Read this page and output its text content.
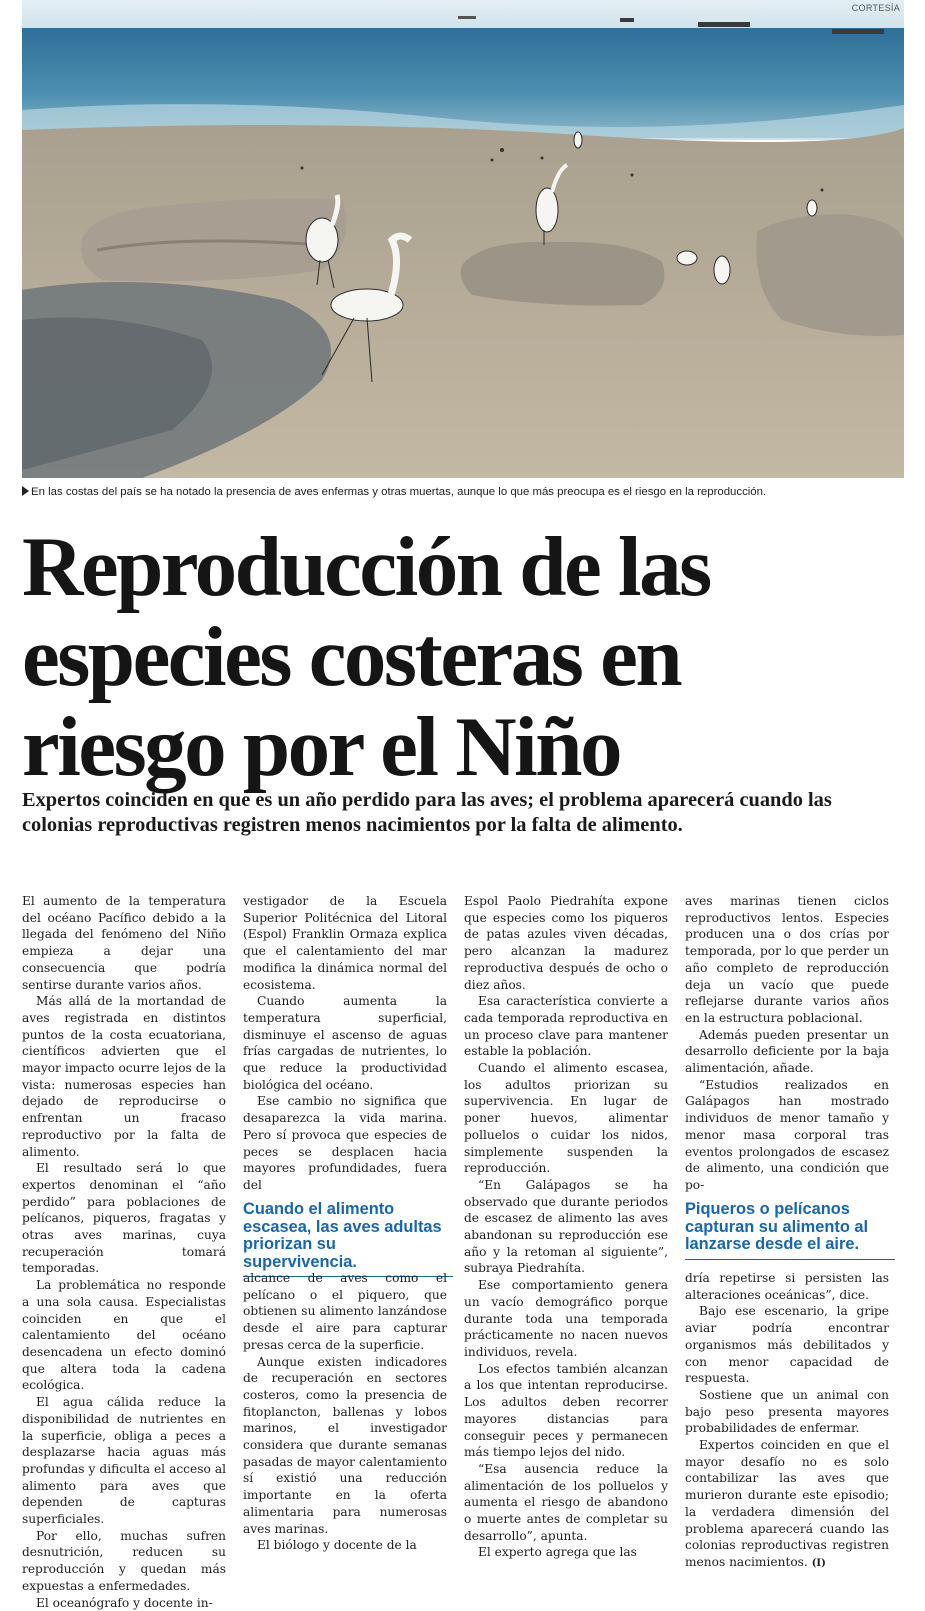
CORTESÍA
En las costas del país se ha notado la presencia de aves enfermas y otras muertas, aunque lo que más preocupa es el riesgo en la reproducción.
Reproducción de las
especies costeras en
riesgo por el Niño

Expertos coinciden en que es un año perdido para las aves; el problema aparecerá cuando las colonias reproductivas registren menos nacimientos por la falta de alimento.

El aumento de la temperatura del océano Pacífico debido a la llegada del fenómeno del Niño empieza a dejar una consecuencia que podría sentirse durante varios años.

Más allá de la mortandad de aves registrada en distintos puntos de la costa ecuatoriana, científicos advierten que el mayor impacto ocurre lejos de la vista: numerosas especies han dejado de reproducirse o enfrentan un fracaso reproductivo por la falta de alimento.

El resultado será lo que expertos denominan el “año perdido” para poblaciones de pelícanos, piqueros, fragatas y otras aves marinas, cuya recuperación tomará temporadas.

La problemática no responde a una sola causa. Especialistas coinciden en que el calentamiento del océano desencadena un efecto dominó que altera toda la cadena ecológica.

El agua cálida reduce la disponibilidad de nutrientes en la superficie, obliga a peces a desplazarse hacia aguas más profundas y dificulta el acceso al alimento para aves que dependen de capturas superficiales.

Por ello, muchas sufren desnutrición, reducen su reproducción y quedan más expuestas a enfermedades.

El oceanógrafo y docente in-

vestigador de la Escuela Superior Politécnica del Litoral (Espol) Franklin Ormaza explica que el calentamiento del mar modifica la dinámica normal del ecosistema.

Cuando aumenta la temperatura superficial, disminuye el ascenso de aguas frías cargadas de nutrientes, lo que reduce la productividad biológica del océano.

Ese cambio no significa que desaparezca la vida marina. Pero sí provoca que especies de peces se desplacen hacia mayores profundidades, fuera del

Cuando el alimento escasea, las aves adultas priorizan su supervivencia.

alcance de aves como el pelícano o el piquero, que obtienen su alimento lanzándose desde el aire para capturar presas cerca de la superficie.

Aunque existen indicadores de recuperación en sectores costeros, como la presencia de fitoplancton, ballenas y lobos marinos, el investigador considera que durante semanas pasadas de mayor calentamiento sí existió una reducción importante en la oferta alimentaria para numerosas aves marinas.

El biólogo y docente de la

Espol Paolo Piedrahíta expone que especies como los piqueros de patas azules viven décadas, pero alcanzan la madurez reproductiva después de ocho o diez años.

Esa característica convierte a cada temporada reproductiva en un proceso clave para mantener estable la población.

Cuando el alimento escasea, los adultos priorizan su supervivencia. En lugar de poner huevos, alimentar polluelos o cuidar los nidos, simplemente suspenden la reproducción.

“En Galápagos se ha observado que durante periodos de escasez de alimento las aves abandonan su reproducción ese año y la retoman al siguiente”, subraya Piedrahíta.

Ese comportamiento genera un vacío demográfico porque durante toda una temporada prácticamente no nacen nuevos individuos, revela.

Los efectos también alcanzan a los que intentan reproducirse. Los adultos deben recorrer mayores distancias para conseguir peces y permanecen más tiempo lejos del nido.

“Esa ausencia reduce la alimentación de los polluelos y aumenta el riesgo de abandono o muerte antes de completar su desarrollo”, apunta.

El experto agrega que las

aves marinas tienen ciclos reproductivos lentos. Especies producen una o dos crías por temporada, por lo que perder un año completo de reproducción deja un vacío que puede reflejarse durante varios años en la estructura poblacional.

Además pueden presentar un desarrollo deficiente por la baja alimentación, añade.

“Estudios realizados en Galápagos han mostrado individuos de menor tamaño y menor masa corporal tras eventos prolongados de escasez de alimento, una condición que po-

Piqueros o pelícanos capturan su alimento al lanzarse desde el aire.

dría repetirse si persisten las alteraciones oceánicas”, dice.

Bajo ese escenario, la gripe aviar podría encontrar organismos más debilitados y con menor capacidad de respuesta.

Sostiene que un animal con bajo peso presenta mayores probabilidades de enfermar.

Expertos coinciden en que el mayor desafío no es solo contabilizar las aves que murieron durante este episodio; la verdadera dimensión del problema aparecerá cuando las colonias reproductivas registren menos nacimientos. (I)
